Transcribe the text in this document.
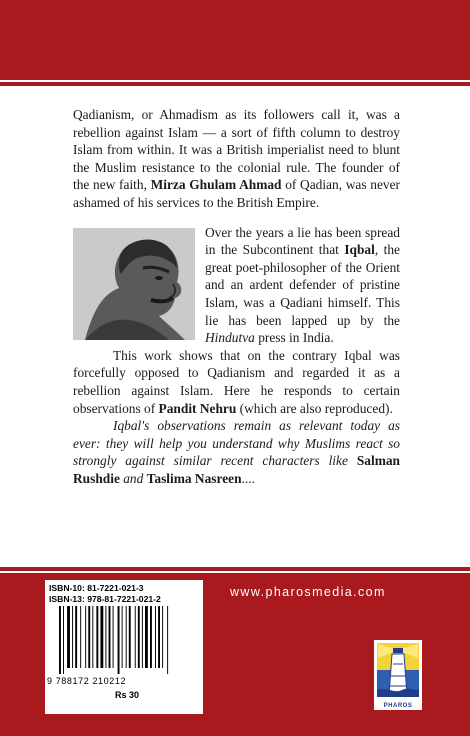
Qadianism, or Ahmadism as its followers call it, was a rebellion against Islam — a sort of fifth column to destroy Islam from within. It was a British imperialist need to blunt the Muslim resistance to the colonial rule. The founder of the new faith, Mirza Ghulam Ahmad of Qadian, was never ashamed of his services to the British Empire.

Over the years a lie has been spread in the Subcontinent that Iqbal, the great poet-philosopher of the Orient and an ardent defender of pristine Islam, was a Qadiani himself. This lie has been lapped up by the Hindutva press in India.

This work shows that on the contrary Iqbal was forcefully opposed to Qadianism and regarded it as a rebellion against Islam. Here he responds to certain observations of Pandit Nehru (which are also reproduced).

Iqbal's observations remain as relevant today as ever: they will help you understand why Muslims react so strongly against similar recent characters like Salman Rushdie and Taslima Nasreen....

www.pharosmedia.com
ISBN-10: 81-7221-021-3
ISBN-13: 978-81-7221-021-2
9 788172 210212
Rs 30
PHAROS
